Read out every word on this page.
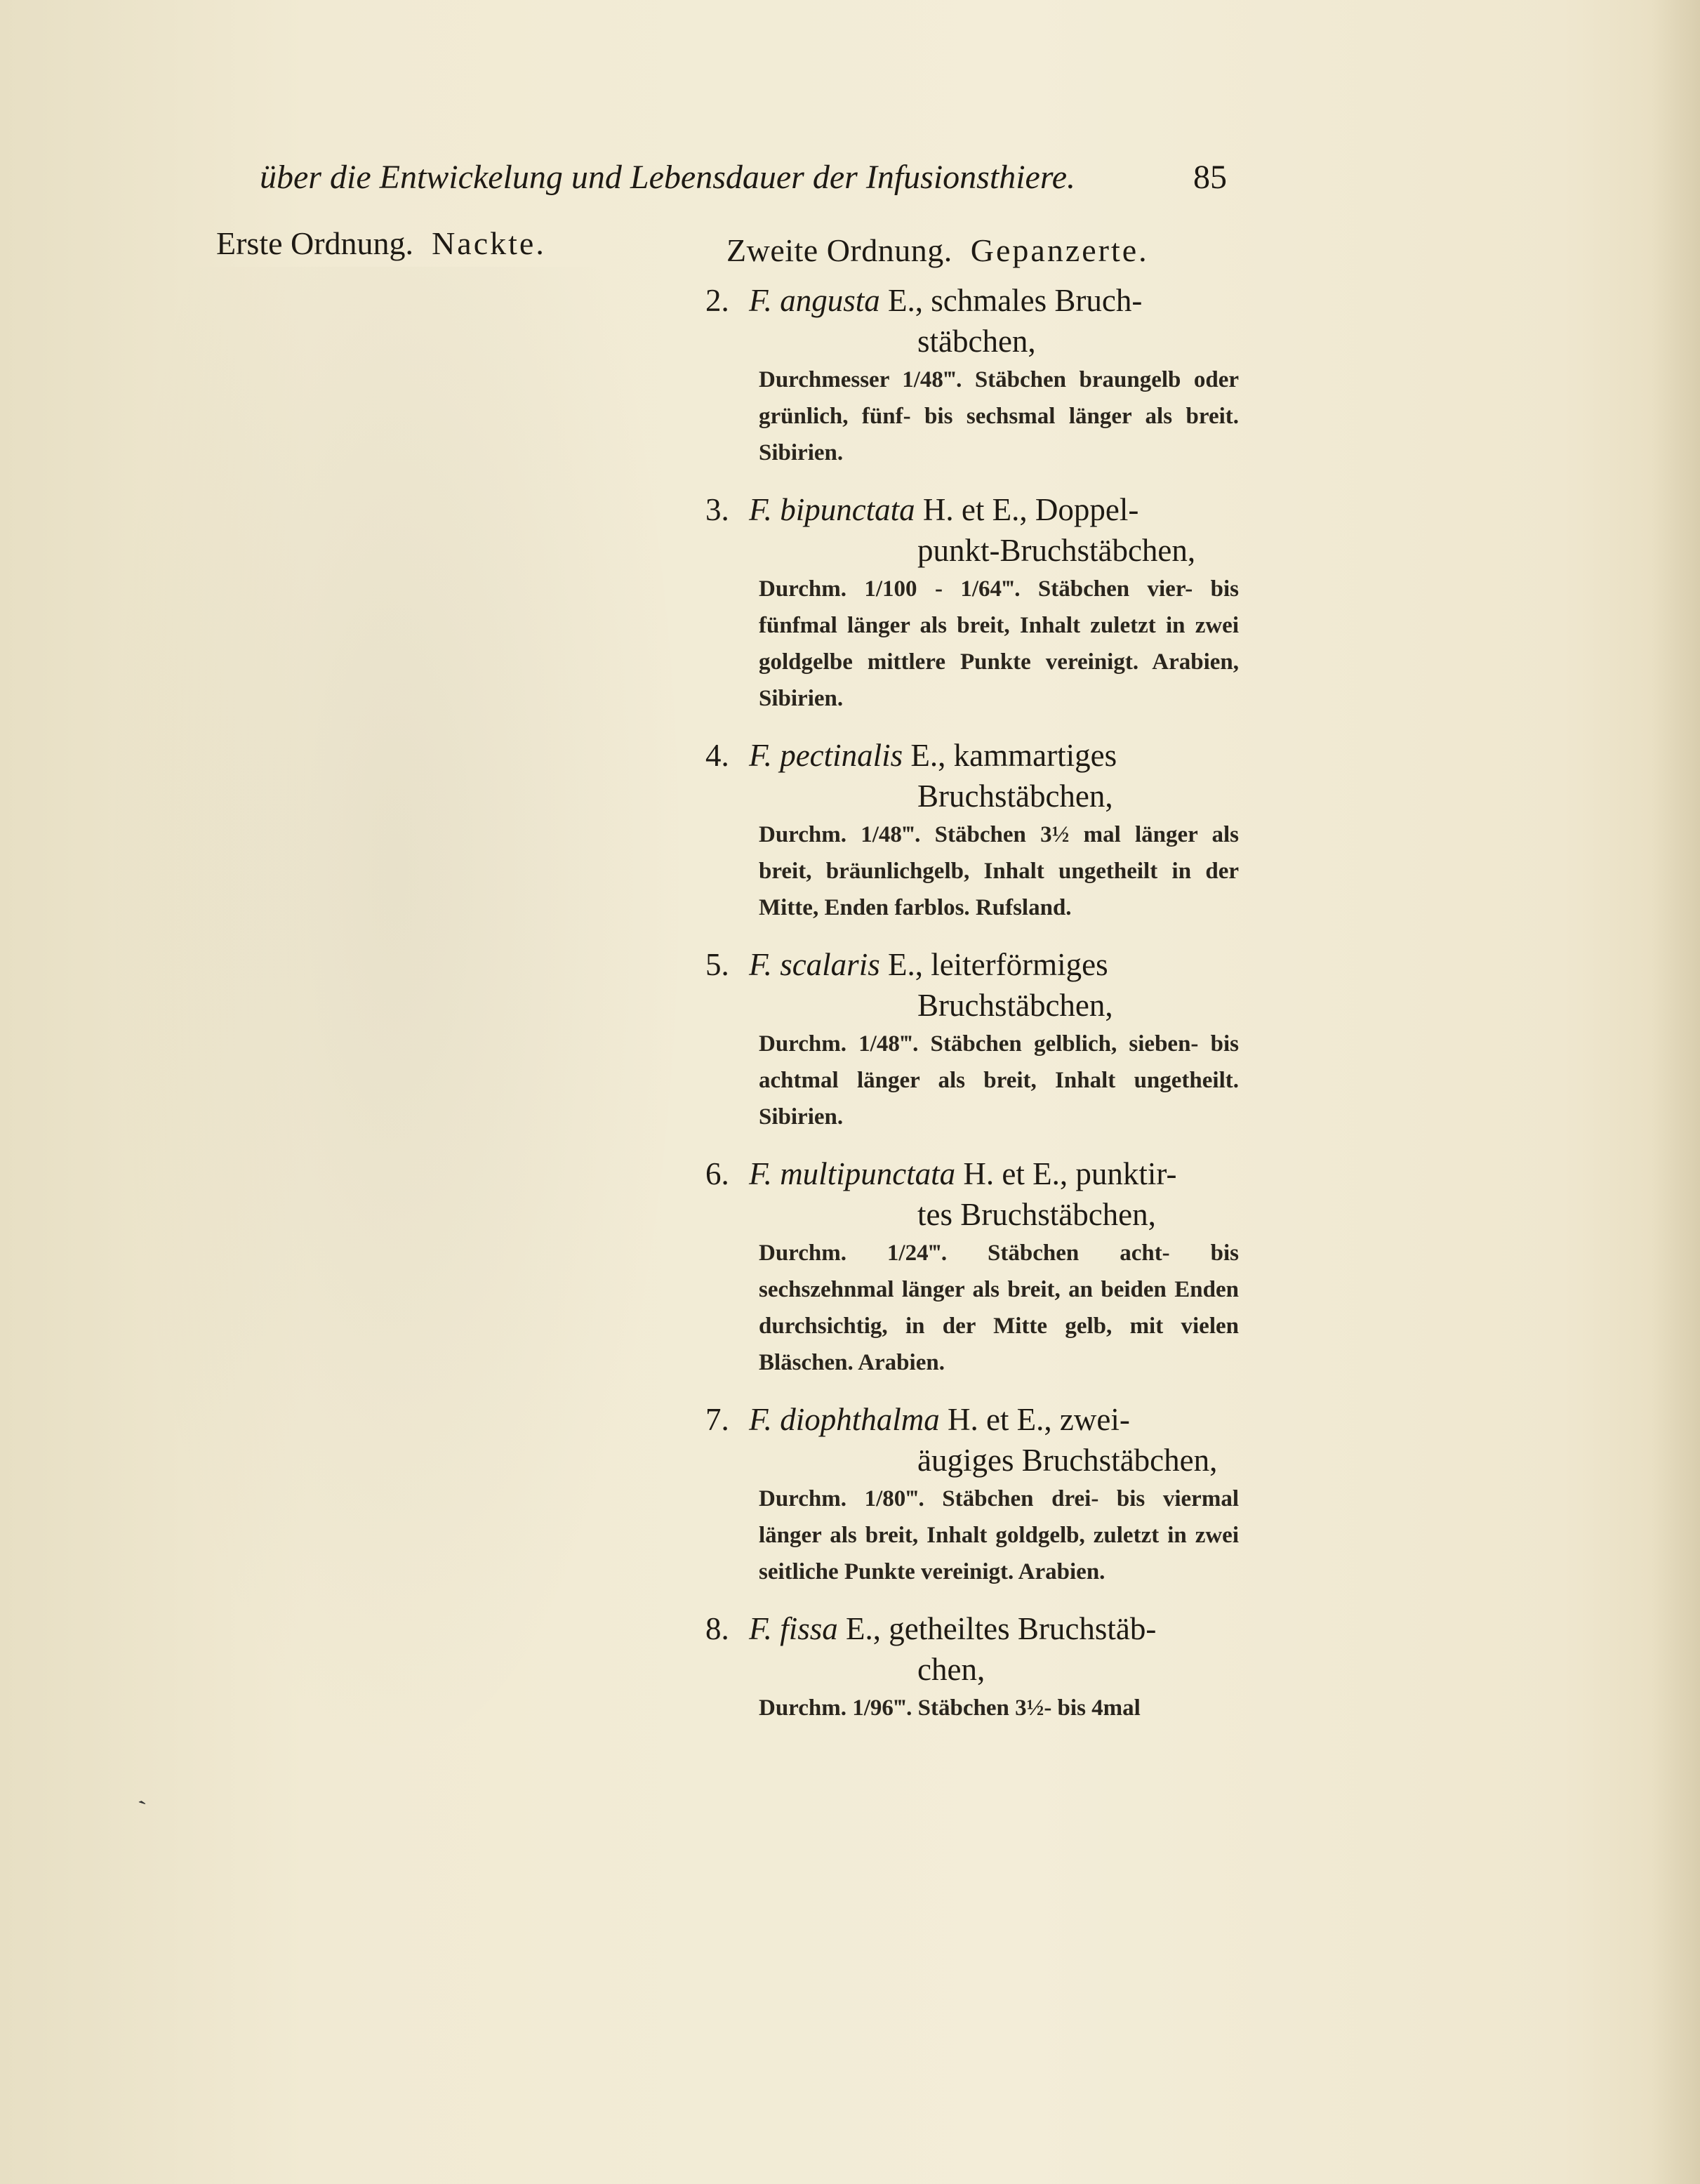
über die Entwickelung und Lebensdauer der Infusionsthiere.	85
Erste Ordnung. Nackte.	Zweite Ordnung. Gepanzerte.
2. F. angusta E., schmales Bruch-
stäbchen,
Durchmesser 1/48‴. Stäbchen braungelb oder grünlich, fünf- bis sechsmal länger als breit. Sibirien.
3. F. bipunctata H. et E., Doppel-
punkt-Bruchstäbchen,
Durchm. 1/100 - 1/64‴. Stäbchen vier- bis fünfmal länger als breit, Inhalt zuletzt in zwei goldgelbe mittlere Punkte vereinigt. Arabien, Sibirien.
4. F. pectinalis E., kammartiges
Bruchstäbchen,
Durchm. 1/48‴. Stäbchen 3½ mal länger als breit, bräunlichgelb, Inhalt ungetheilt in der Mitte, Enden farblos. Rufsland.
5. F. scalaris E., leiterförmiges
Bruchstäbchen,
Durchm. 1/48‴. Stäbchen gelblich, sieben- bis achtmal länger als breit, Inhalt ungetheilt. Sibirien.
6. F. multipunctata H. et E., punktir-
tes Bruchstäbchen,
Durchm. 1/24‴. Stäbchen acht- bis sechszehnmal länger als breit, an beiden Enden durchsichtig, in der Mitte gelb, mit vielen Bläschen. Arabien.
7. F. diophthalma H. et E., zwei-
äugiges Bruchstäbchen,
Durchm. 1/80‴. Stäbchen drei- bis viermal länger als breit, Inhalt goldgelb, zuletzt in zwei seitliche Punkte vereinigt. Arabien.
8. F. fissa E., getheiltes Bruchstäb-
chen,
Durchm. 1/96‴. Stäbchen 3½- bis 4mal
`
